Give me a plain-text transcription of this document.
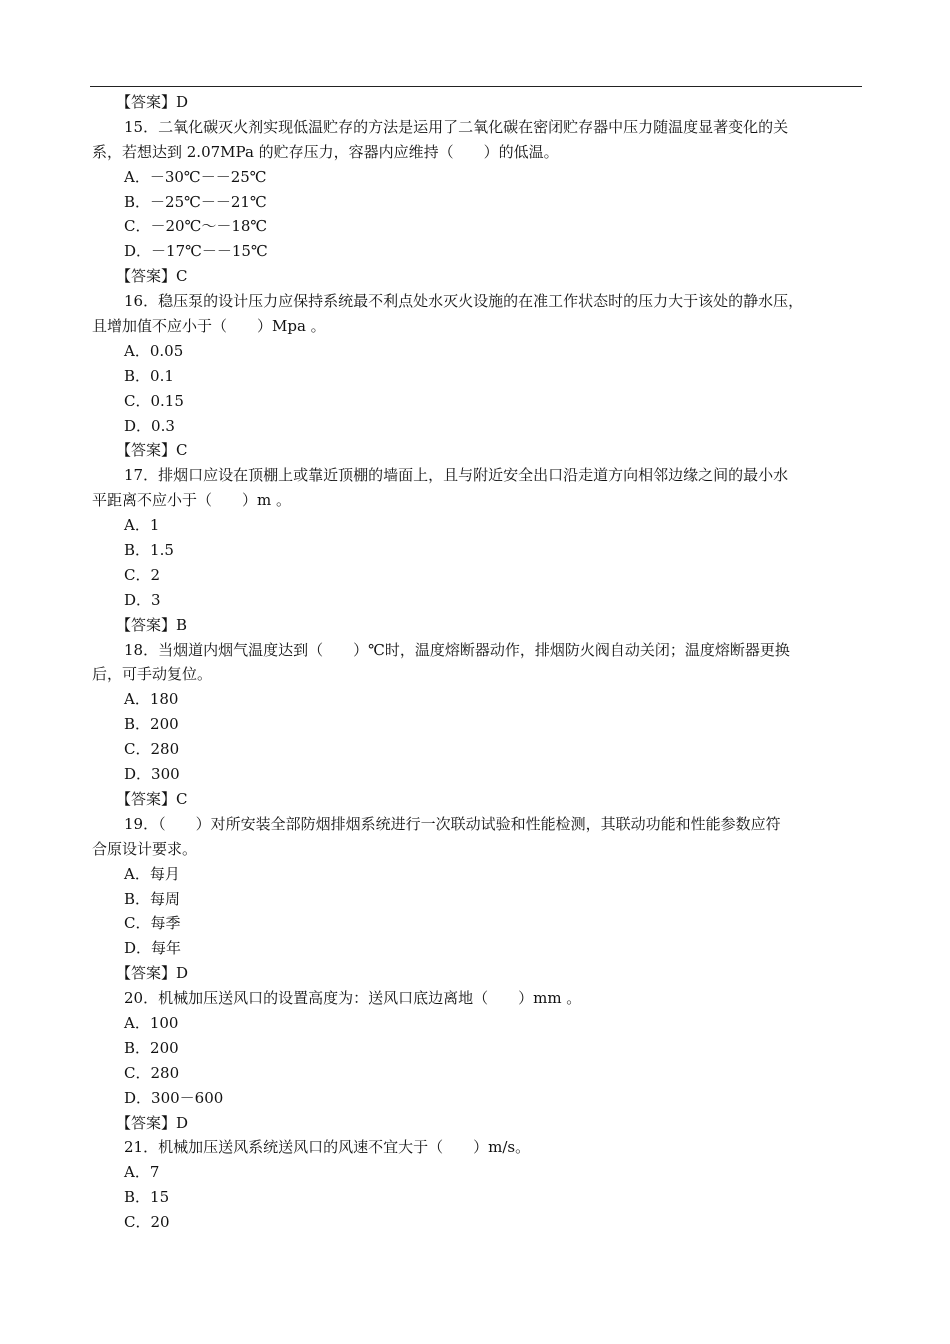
【答案】D
15．二氧化碳灭火剂实现低温贮存的方法是运用了二氧化碳在密闭贮存器中压力随温度显著变化的关
系，若想达到 2.07MPa 的贮存压力，容器内应维持（　　）的低温。
A．－30℃－－25℃
B．－25℃－－21℃
C．－20℃～－18℃
D．－17℃－－15℃
【答案】C
16．稳压泵的设计压力应保持系统最不利点处水灭火设施的在准工作状态时的压力大于该处的静水压，
且增加值不应小于（　　）Mpa 。
A．0.05
B．0.1
C．0.15
D．0.3
【答案】C
17．排烟口应设在顶棚上或靠近顶棚的墙面上，且与附近安全出口沿走道方向相邻边缘之间的最小水
平距离不应小于（　　）m 。
A．1
B．1.5
C．2
D．3
【答案】B
18．当烟道内烟气温度达到（　　）℃时，温度熔断器动作，排烟防火阀自动关闭；温度熔断器更换
后，可手动复位。
A．180
B．200
C．280
D．300
【答案】C
19．（　　）对所安装全部防烟排烟系统进行一次联动试验和性能检测，其联动功能和性能参数应符
合原设计要求。
A．每月
B．每周
C．每季
D．每年
【答案】D
20．机械加压送风口的设置高度为：送风口底边离地（　　）mm 。
A．100
B．200
C．280
D．300－600
【答案】D
21．机械加压送风系统送风口的风速不宜大于（　　）m/s。
A．7
B．15
C．20
